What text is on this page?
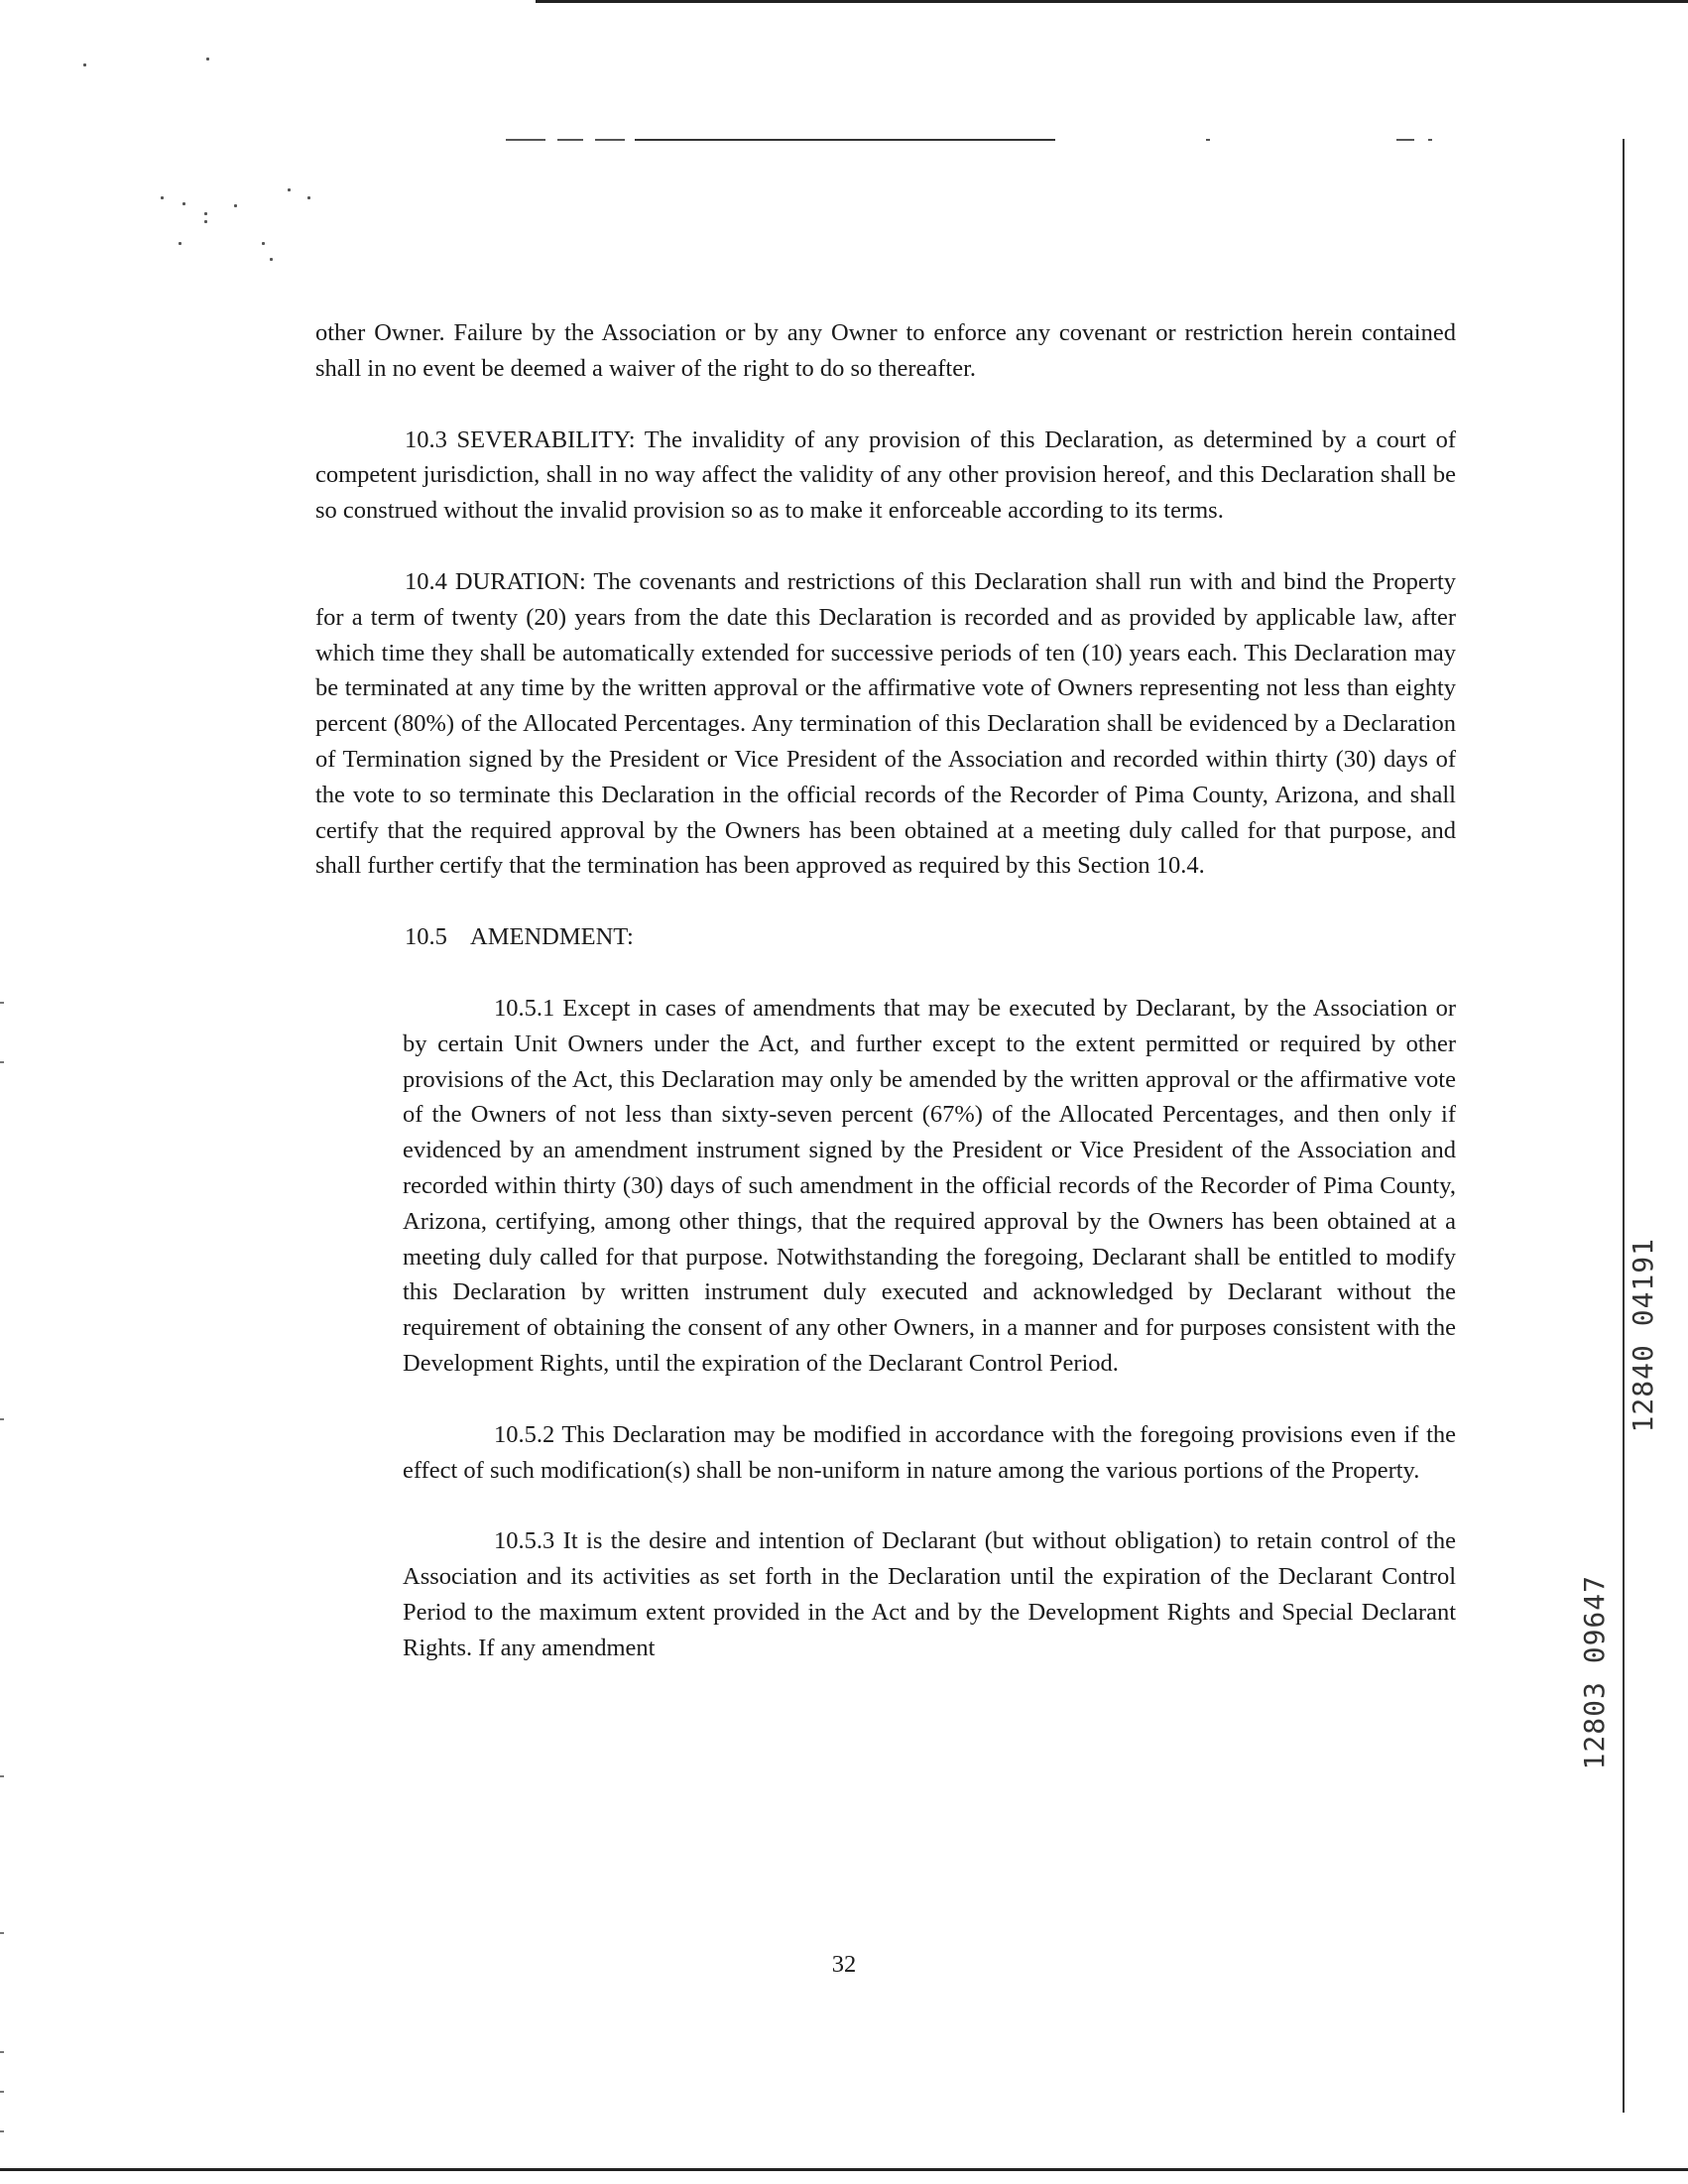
other Owner. Failure by the Association or by any Owner to enforce any covenant or restriction herein contained shall in no event be deemed a waiver of the right to do so thereafter.

10.3 SEVERABILITY: The invalidity of any provision of this Declaration, as determined by a court of competent jurisdiction, shall in no way affect the validity of any other provision hereof, and this Declaration shall be so construed without the invalid provision so as to make it enforceable according to its terms.

10.4 DURATION: The covenants and restrictions of this Declaration shall run with and bind the Property for a term of twenty (20) years from the date this Declaration is recorded and as provided by applicable law, after which time they shall be automatically extended for successive periods of ten (10) years each. This Declaration may be terminated at any time by the written approval or the affirmative vote of Owners representing not less than eighty percent (80%) of the Allocated Percentages. Any termination of this Declaration shall be evidenced by a Declaration of Termination signed by the President or Vice President of the Association and recorded within thirty (30) days of the vote to so terminate this Declaration in the official records of the Recorder of Pima County, Arizona, and shall certify that the required approval by the Owners has been obtained at a meeting duly called for that purpose, and shall further certify that the termination has been approved as required by this Section 10.4.

10.5    AMENDMENT:

10.5.1 Except in cases of amendments that may be executed by Declarant, by the Association or by certain Unit Owners under the Act, and further except to the extent permitted or required by other provisions of the Act, this Declaration may only be amended by the written approval or the affirmative vote of the Owners of not less than sixty-seven percent (67%) of the Allocated Percentages, and then only if evidenced by an amendment instrument signed by the President or Vice President of the Association and recorded within thirty (30) days of such amendment in the official records of the Recorder of Pima County, Arizona, certifying, among other things, that the required approval by the Owners has been obtained at a meeting duly called for that purpose. Notwithstanding the foregoing, Declarant shall be entitled to modify this Declaration by written instrument duly executed and acknowledged by Declarant without the requirement of obtaining the consent of any other Owners, in a manner and for purposes consistent with the Development Rights, until the expiration of the Declarant Control Period.

10.5.2 This Declaration may be modified in accordance with the foregoing provisions even if the effect of such modification(s) shall be non-uniform in nature among the various portions of the Property.

10.5.3 It is the desire and intention of Declarant (but without obligation) to retain control of the Association and its activities as set forth in the Declaration until the expiration of the Declarant Control Period to the maximum extent provided in the Act and by the Development Rights and Special Declarant Rights. If any amendment

32
12840 04191
12803 09647
